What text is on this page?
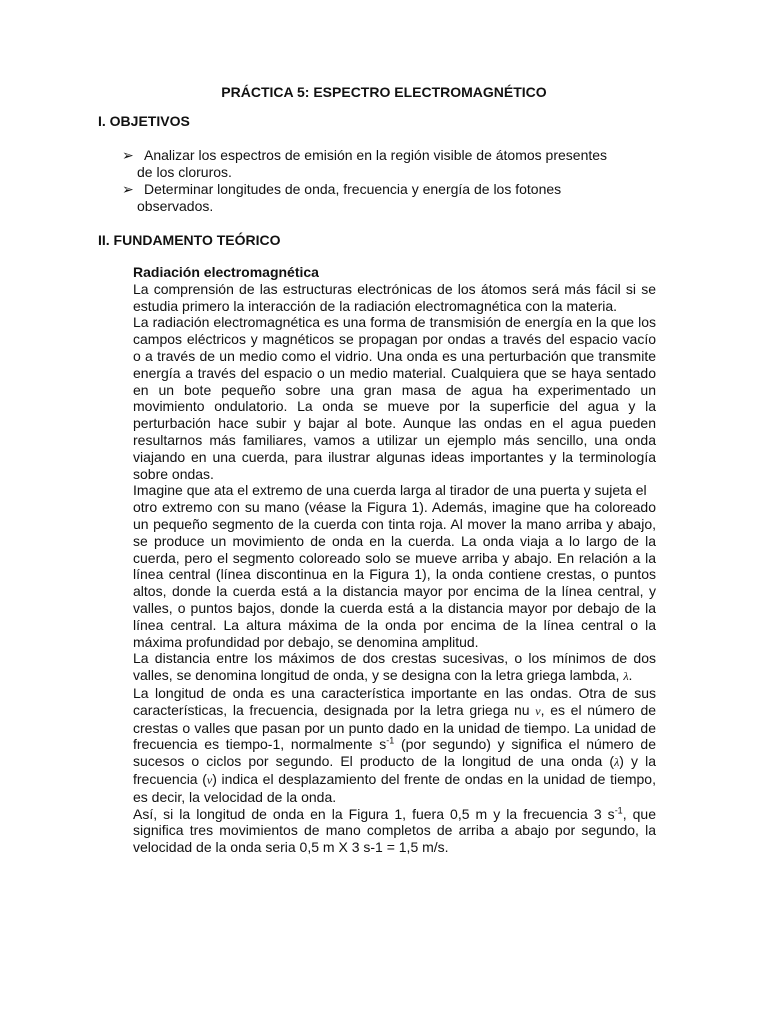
PRÁCTICA 5: ESPECTRO ELECTROMAGNÉTICO
I. OBJETIVOS
➢ Analizar los espectros de emisión en la región visible de átomos presentes
de los cloruros.
➢ Determinar longitudes de onda, frecuencia y energía de los fotones
observados.
II. FUNDAMENTO TEÓRICO

Radiación electromagnética

La comprensión de las estructuras electrónicas de los átomos será más fácil si se estudia primero la interacción de la radiación electromagnética con la materia.

La radiación electromagnética es una forma de transmisión de energía en la que los campos eléctricos y magnéticos se propagan por ondas a través del espacio vacío o a través de un medio como el vidrio. Una onda es una perturbación que transmite energía a través del espacio o un medio material. Cualquiera que se haya sentado en un bote pequeño sobre una gran masa de agua ha experimentado un movimiento ondulatorio. La onda se mueve por la superficie del agua y la perturbación hace subir y bajar al bote. Aunque las ondas en el agua pueden resultarnos más familiares, vamos a utilizar un ejemplo más sencillo, una onda viajando en una cuerda, para ilustrar algunas ideas importantes y la terminología sobre ondas.

Imagine que ata el extremo de una cuerda larga al tirador de una puerta y sujeta el

otro extremo con su mano (véase la Figura 1). Además, imagine que ha coloreado un pequeño segmento de la cuerda con tinta roja. Al mover la mano arriba y abajo, se produce un movimiento de onda en la cuerda. La onda viaja a lo largo de la cuerda, pero el segmento coloreado solo se mueve arriba y abajo. En relación a la línea central (línea discontinua en la Figura 1), la onda contiene crestas, o puntos altos, donde la cuerda está a la distancia mayor por encima de la línea central, y valles, o puntos bajos, donde la cuerda está a la distancia mayor por debajo de la línea central. La altura máxima de la onda por encima de la línea central o la máxima profundidad por debajo, se denomina amplitud.

La distancia entre los máximos de dos crestas sucesivas, o los mínimos de dos valles, se denomina longitud de onda, y se designa con la letra griega lambda, λ.

La longitud de onda es una característica importante en las ondas. Otra de sus características, la frecuencia, designada por la letra griega nu ν, es el número de crestas o valles que pasan por un punto dado en la unidad de tiempo. La unidad de frecuencia es tiempo-1, normalmente $s^{-1}$ (por segundo) y significa el número de sucesos o ciclos por segundo. El producto de la longitud de una onda (λ) y la frecuencia (ν) indica el desplazamiento del frente de ondas en la unidad de tiempo, es decir, la velocidad de la onda.

Así, si la longitud de onda en la Figura 1, fuera 0,5 m y la frecuencia 3 $s^{-1}$, que significa tres movimientos de mano completos de arriba a abajo por segundo, la velocidad de la onda seria 0,5 m X 3 s-1 = 1,5 m/s.
